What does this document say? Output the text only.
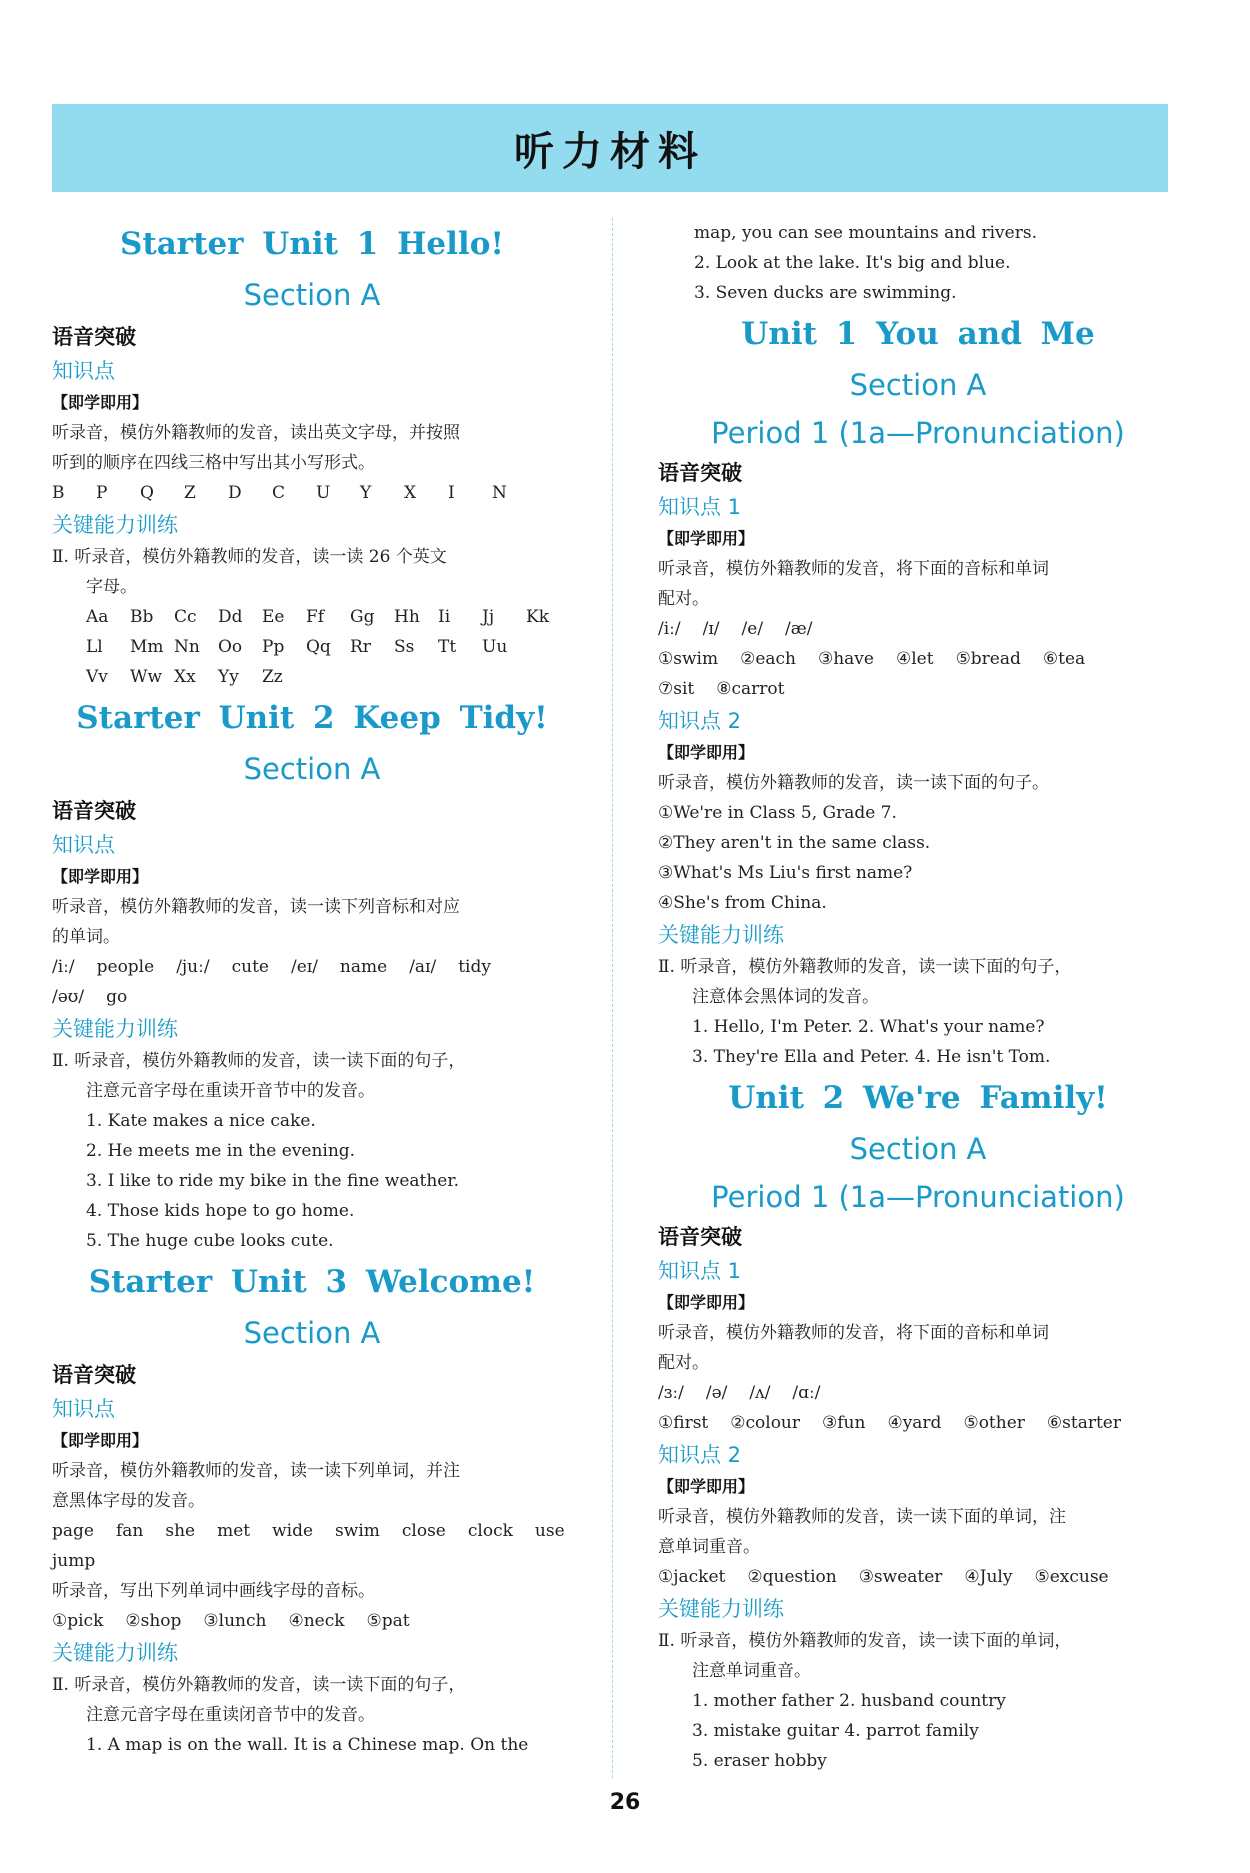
听力材料
Starter Unit 1 Hello!
Section A
语音突破
知识点
【即学即用】
听录音，模仿外籍教师的发音，读出英文字母，并按照
听到的顺序在四线三格中写出其小写形式。
B P Q Z D C U Y X I N
关键能力训练
Ⅱ. 听录音，模仿外籍教师的发音，读一读 26 个英文
字母。
Aa Bb Cc Dd Ee Ff Gg Hh Ii Jj Kk
Ll Mm Nn Oo Pp Qq Rr Ss Tt Uu
Vv Ww Xx Yy Zz
Starter Unit 2 Keep Tidy!
Section A
语音突破
知识点
【即学即用】
听录音，模仿外籍教师的发音，读一读下列音标和对应
的单词。
/iː/ people /juː/ cute /eɪ/ name /aɪ/ tidy
/əʊ/ go
关键能力训练
Ⅱ. 听录音，模仿外籍教师的发音，读一读下面的句子，
注意元音字母在重读开音节中的发音。
1. Kate makes a nice cake.
2. He meets me in the evening.
3. I like to ride my bike in the fine weather.
4. Those kids hope to go home.
5. The huge cube looks cute.
Starter Unit 3 Welcome!
Section A
语音突破
知识点
【即学即用】
听录音，模仿外籍教师的发音，读一读下列单词，并注
意黑体字母的发音。
page fan she met wide swim close clock use
jump
听录音，写出下列单词中画线字母的音标。
①pick ②shop ③lunch ④neck ⑤pat
关键能力训练
Ⅱ. 听录音，模仿外籍教师的发音，读一读下面的句子，
注意元音字母在重读闭音节中的发音。
1. A map is on the wall. It is a Chinese map. On the
map, you can see mountains and rivers.
2. Look at the lake. It's big and blue.
3. Seven ducks are swimming.
Unit 1 You and Me
Section A
Period 1 (1a—Pronunciation)
语音突破
知识点 1
【即学即用】
听录音，模仿外籍教师的发音，将下面的音标和单词
配对。
/iː/ /ɪ/ /e/ /æ/
①swim ②each ③have ④let ⑤bread ⑥tea
⑦sit ⑧carrot
知识点 2
【即学即用】
听录音，模仿外籍教师的发音，读一读下面的句子。
①We're in Class 5, Grade 7.
②They aren't in the same class.
③What's Ms Liu's first name?
④She's from China.
关键能力训练
Ⅱ. 听录音，模仿外籍教师的发音，读一读下面的句子，
注意体会黑体词的发音。
1. Hello, I'm Peter. 2. What's your name?
3. They're Ella and Peter. 4. He isn't Tom.
Unit 2 We're Family!
Section A
Period 1 (1a—Pronunciation)
语音突破
知识点 1
【即学即用】
听录音，模仿外籍教师的发音，将下面的音标和单词
配对。
/ɜː/ /ə/ /ʌ/ /ɑː/
①first ②colour ③fun ④yard ⑤other ⑥starter
知识点 2
【即学即用】
听录音，模仿外籍教师的发音，读一读下面的单词，注
意单词重音。
①jacket ②question ③sweater ④July ⑤excuse
关键能力训练
Ⅱ. 听录音，模仿外籍教师的发音，读一读下面的单词，
注意单词重音。
1. mother father 2. husband country
3. mistake guitar 4. parrot family
5. eraser hobby
26
